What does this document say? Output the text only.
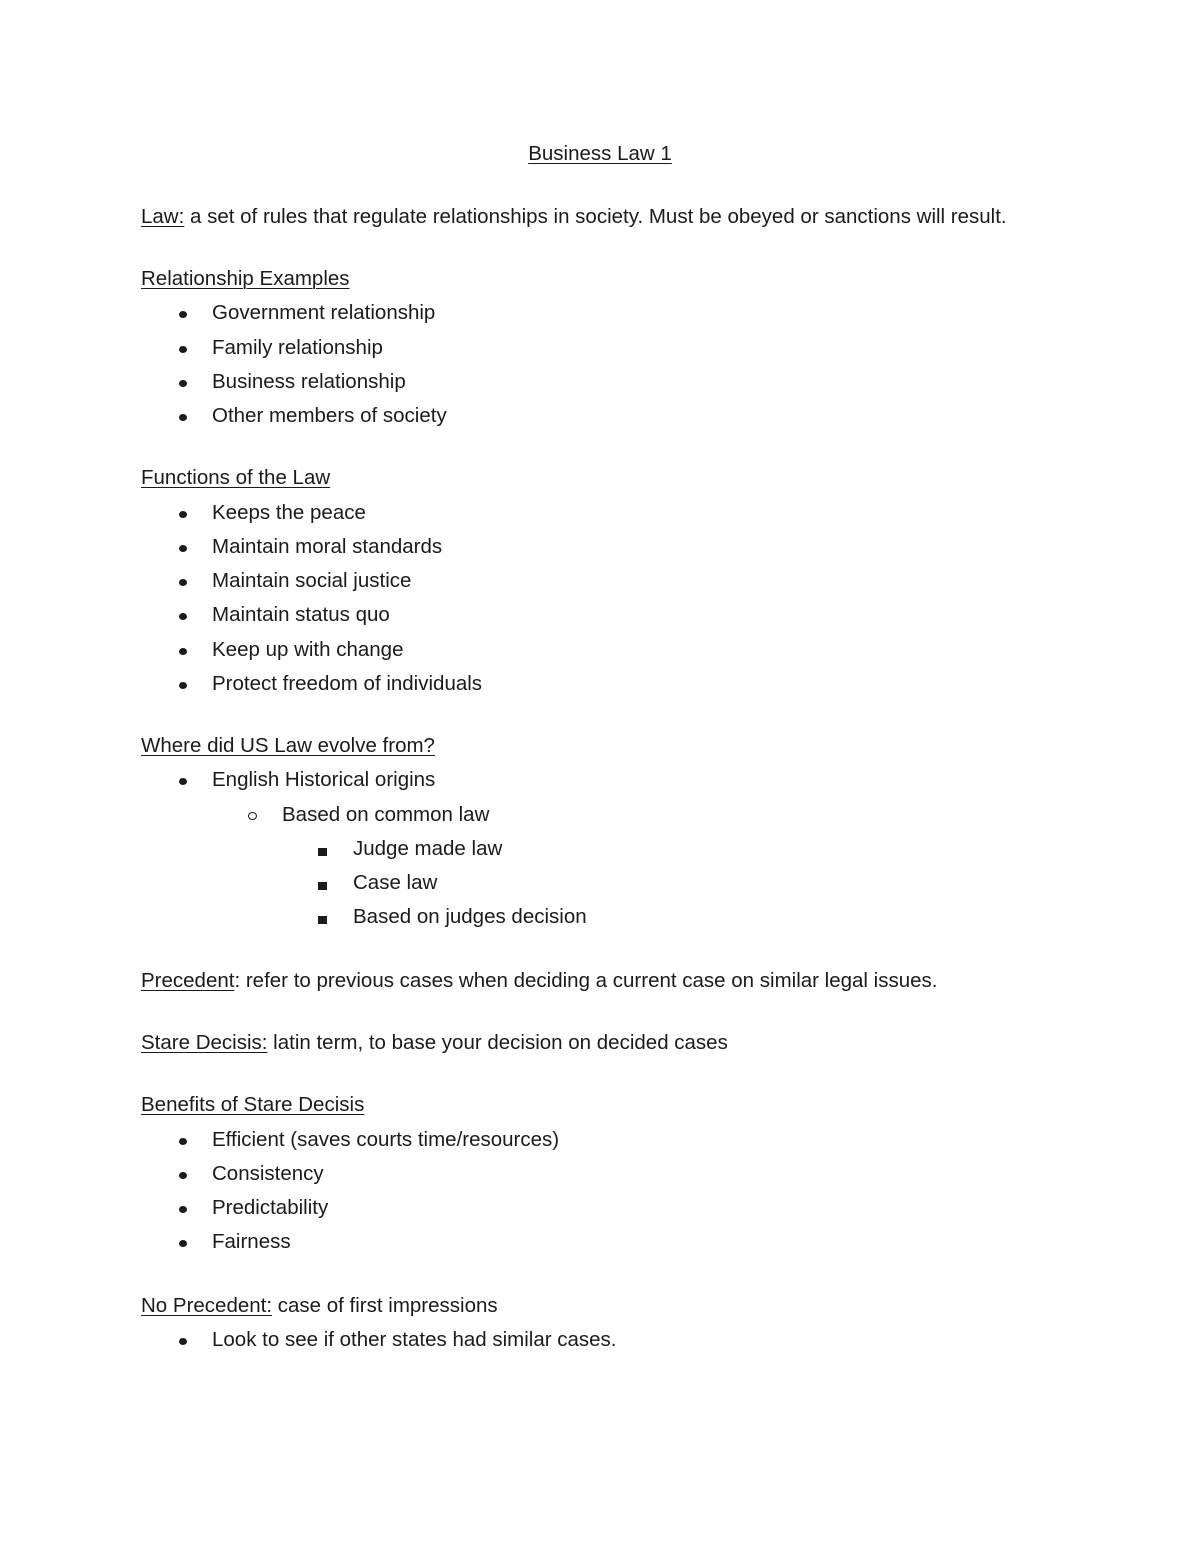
Business Law 1
Law: a set of rules that regulate relationships in society. Must be obeyed or sanctions will result.
Relationship Examples
Government relationship
Family relationship
Business relationship
Other members of society
Functions of the Law
Keeps the peace
Maintain moral standards
Maintain social justice
Maintain status quo
Keep up with change
Protect freedom of individuals
Where did US Law evolve from?
English Historical origins
Based on common law
Judge made law
Case law
Based on judges decision
Precedent: refer to previous cases when deciding a current case on similar legal issues.
Stare Decisis: latin term, to base your decision on decided cases
Benefits of Stare Decisis
Efficient (saves courts time/resources)
Consistency
Predictability
Fairness
No Precedent: case of first impressions
Look to see if other states had similar cases.
